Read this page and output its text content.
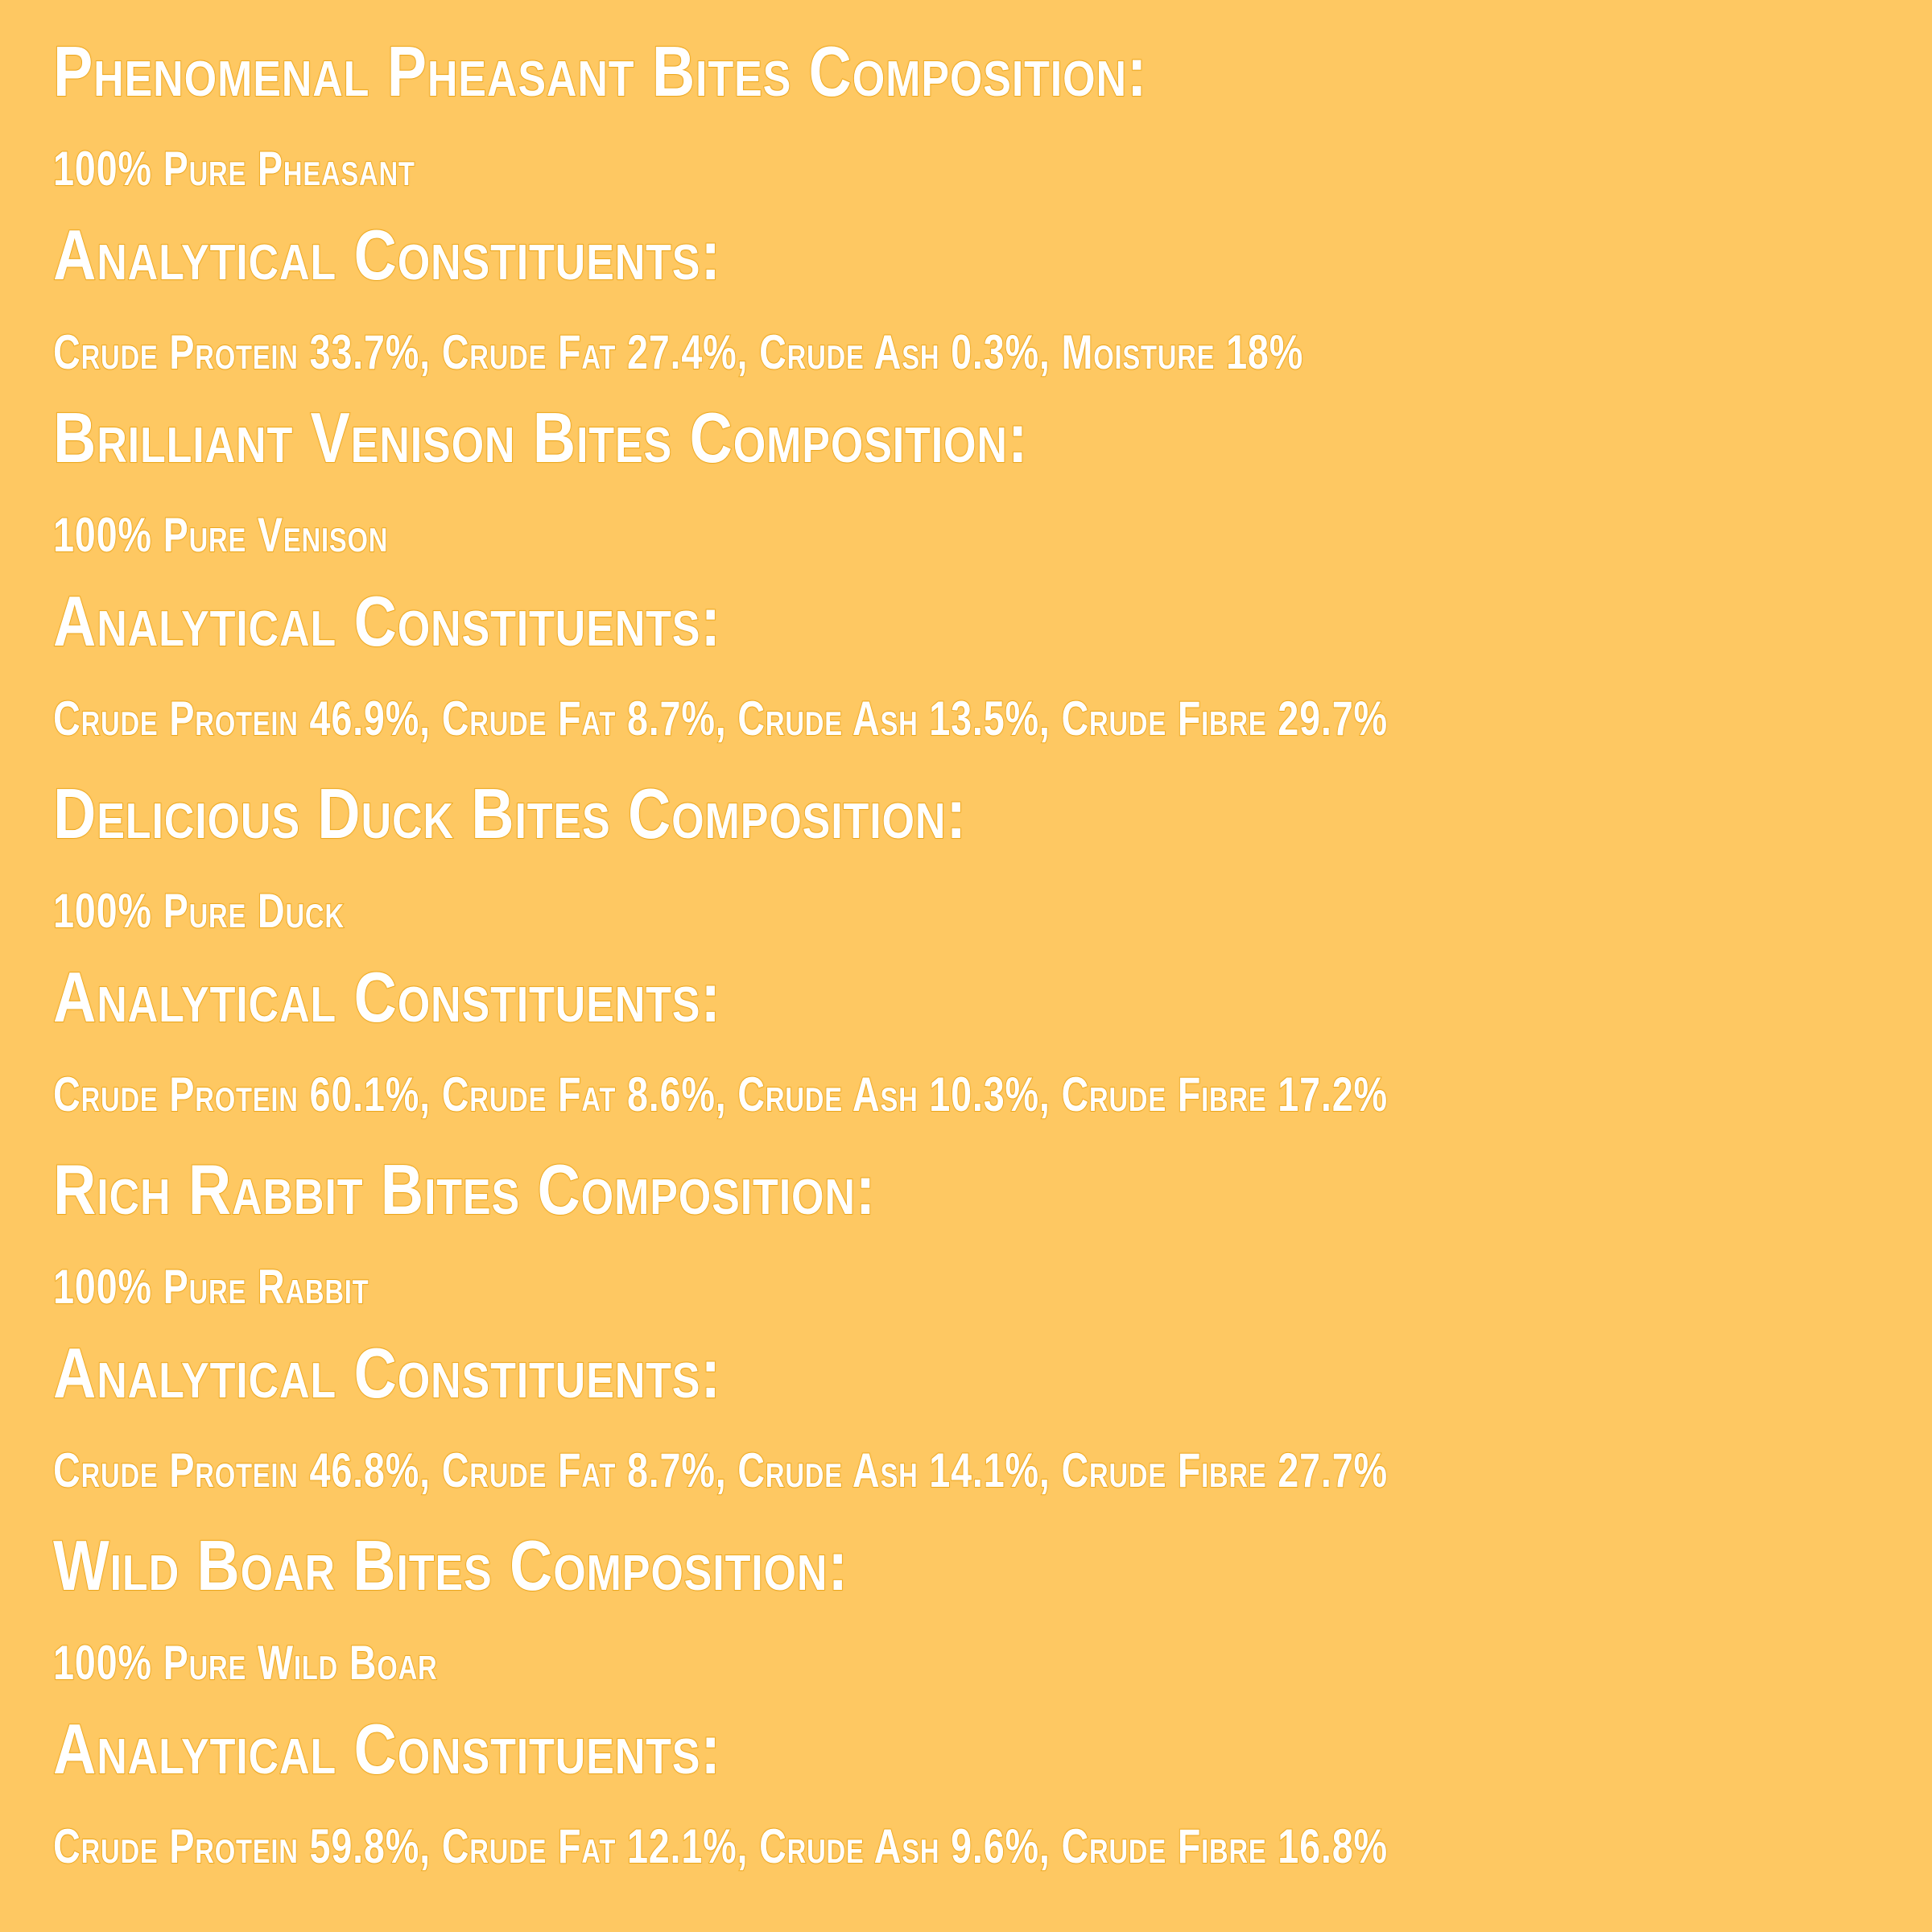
Phenomenal Pheasant Bites Composition:

100% Pure Pheasant

Analytical Constituents:

Crude Protein 33.7%, Crude Fat 27.4%, Crude Ash 0.3%, Moisture 18%

Brilliant Venison Bites Composition:

100% Pure Venison

Analytical Constituents:

Crude Protein 46.9%, Crude Fat 8.7%, Crude Ash 13.5%, Crude Fibre 29.7%

Delicious Duck Bites Composition:

100% Pure Duck

Analytical Constituents:

Crude Protein 60.1%, Crude Fat 8.6%, Crude Ash 10.3%, Crude Fibre 17.2%

Rich Rabbit Bites Composition:

100% Pure Rabbit

Analytical Constituents:

Crude Protein 46.8%, Crude Fat 8.7%, Crude Ash 14.1%, Crude Fibre 27.7%

Wild Boar Bites Composition:

100% Pure Wild Boar

Analytical Constituents:

Crude Protein 59.8%, Crude Fat 12.1%, Crude Ash 9.6%, Crude Fibre 16.8%
